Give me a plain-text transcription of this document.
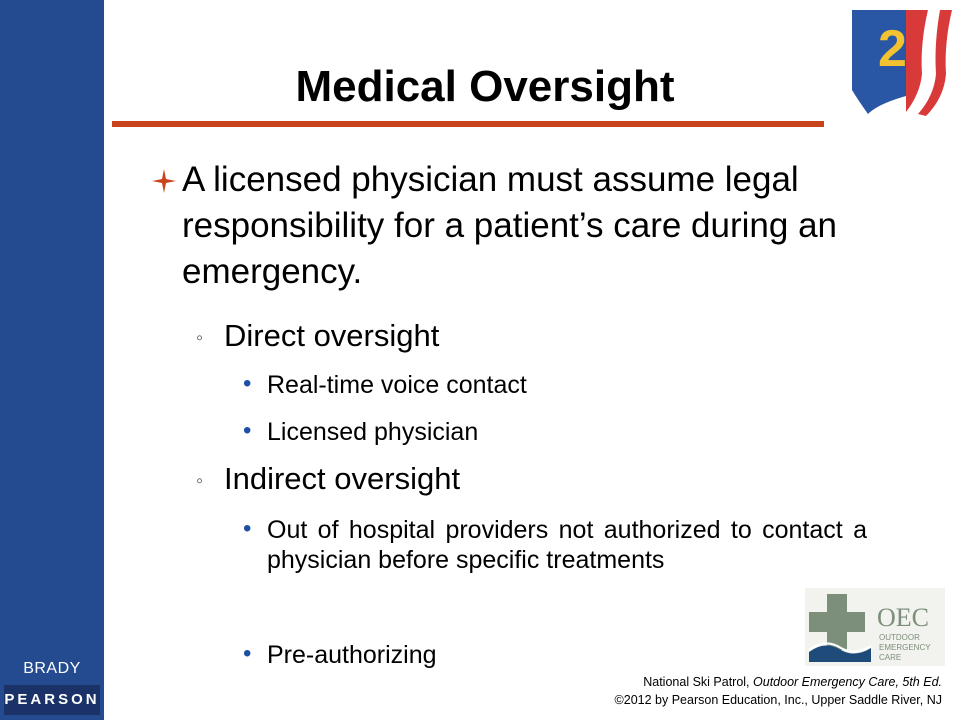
BRADY
PEARSON
Medical Oversight
2
A licensed physician must assume legal responsibility for a patient’s care during an emergency.
◦ Direct oversight
• Real-time voice contact
• Licensed physician
◦ Indirect oversight
• Out of hospital providers not authorized to contact a physician before specific treatments
• Pre-authorizing
OEC
OUTDOOR
EMERGENCY
CARE
National Ski Patrol, Outdoor Emergency Care, 5th Ed.
©2012 by Pearson Education, Inc., Upper Saddle River, NJ
